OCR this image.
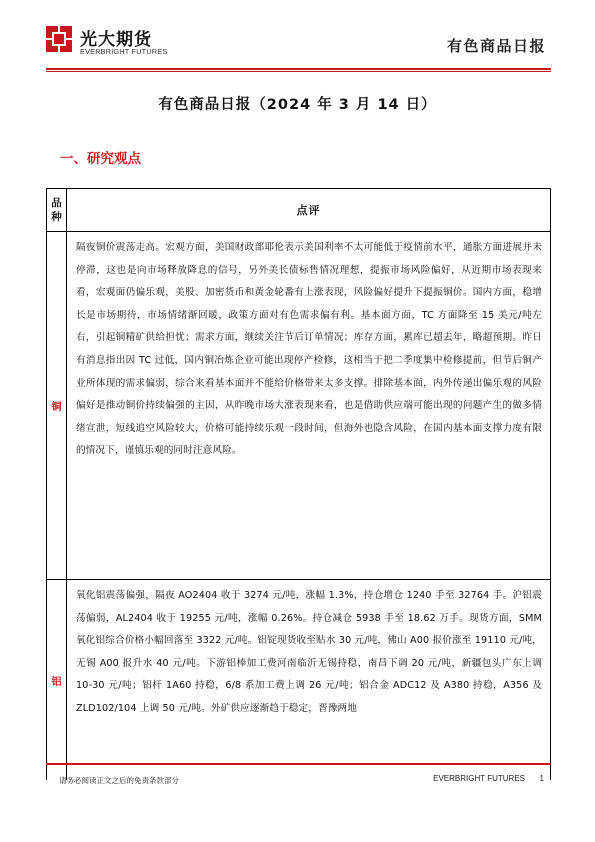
光大期货
EVERBRIGHT FUTURES	有色商品日报
有色商品日报（2024 年 3 月 14 日）
一、研究观点
品
种	点评
铜

隔夜铜价震荡走高。宏观方面，美国财政部耶伦表示美国利率不太可能低于疫情前水平，通胀方面进展并未停滞，这也是向市场释放降息的信号，另外美长债标售情况理想，提振市场风险偏好，从近期市场表现来看，宏观面仍偏乐观，美股、加密货币和黄金轮番有上涨表现，风险偏好提升下提振铜价。国内方面，稳增长是市场期待，市场情绪渐回暖，政策方面对有色需求偏有利。基本面方面，TC 方面降至 15 美元/吨左右，引起铜精矿供给担忧；需求方面，继续关注节后订单情况；库存方面，累库已超去年，略超预期。昨日有消息指出因 TC 过低，国内铜冶炼企业可能出现停产检修，这相当于把二季度集中检修提前，但节后铜产业所体现的需求偏弱，综合来看基本面并不能给价格带来太多支撑。排除基本面，内外传递出偏乐观的风险偏好是推动铜价持续偏强的主因，从昨晚市场大涨表现来看，也是借助供应端可能出现的问题产生的做多情绪宣泄，短线追空风险较大，价格可能持续乐观一段时间，但海外也隐含风险，在国内基本面支撑力度有限的情况下，谨慎乐观的同时注意风险。

铝

氧化铝震荡偏强，隔夜 AO2404 收于 3274 元/吨，涨幅 1.3%，持仓增仓 1240 手至 32764 手。沪铝震荡偏弱，AL2404 收于 19255 元/吨，涨幅 0.26%。持仓减仓 5938 手至 18.62 万手。现货方面，SMM 氧化铝综合价格小幅回落至 3322 元/吨。铝锭现货收至贴水 30 元/吨，佛山 A00 报价涨至 19110 元/吨，无锡 A00 报升水 40 元/吨。下游铝棒加工费河南临沂无锡持稳，南昌下调 20 元/吨，新疆包头广东上调 10-30 元/吨；铝杆 1A60 持稳，6/8 系加工费上调 26 元/吨；铝合金 ADC12 及 A380 持稳，A356 及 ZLD102/104 上调 50 元/吨。外矿供应逐渐趋于稳定，晋豫两地

请务必阅读正文之后的免责条款部分	EVERBRIGHT FUTURES 1
